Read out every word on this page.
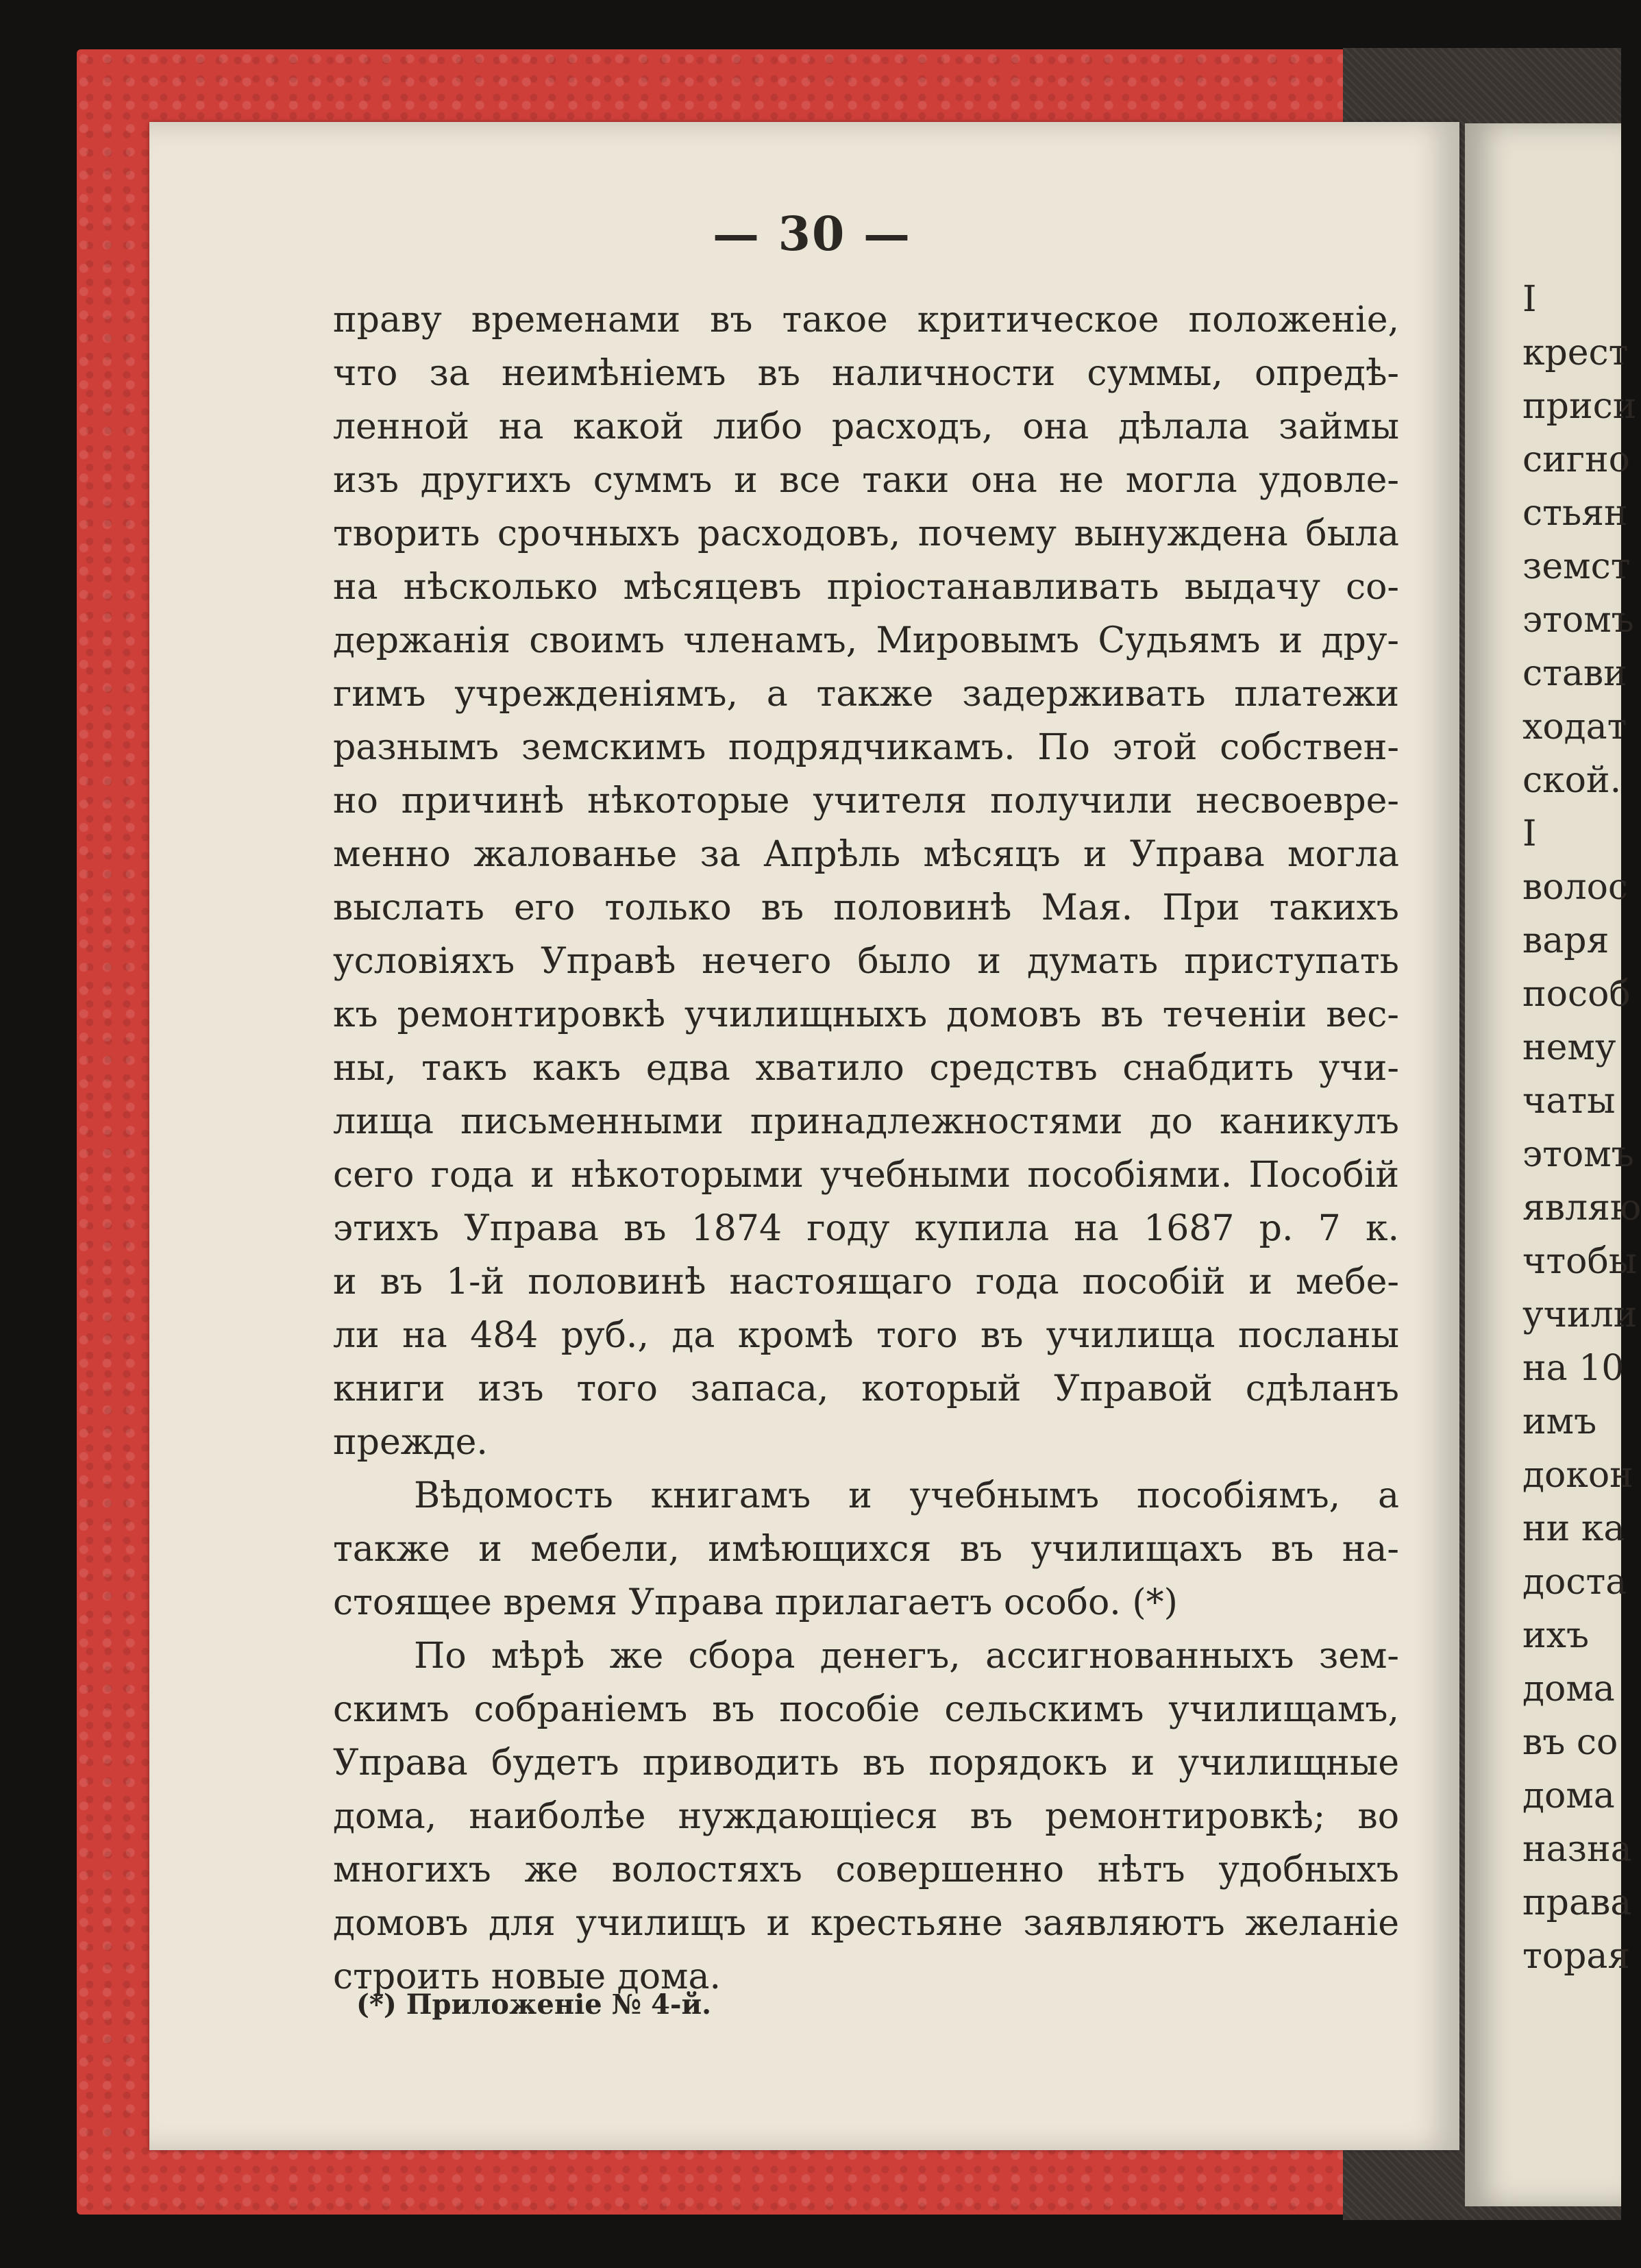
— 30 —
праву временами въ такое критическое положеніе,
что за неимѣніемъ въ наличности суммы, опредѣ-
ленной на какой либо расходъ, она дѣлала займы
изъ другихъ суммъ и все таки она не могла удовле-
творить срочныхъ расходовъ, почему вынуждена была
на нѣсколько мѣсяцевъ пріостанавливать выдачу со-
держанія своимъ членамъ, Мировымъ Судьямъ и дру-
гимъ учрежденіямъ, а также задерживать платежи
разнымъ земскимъ подрядчикамъ. По этой собствен-
но причинѣ нѣкоторые учителя получили несвоевре-
менно жалованье за Апрѣль мѣсяцъ и Управа могла
выслать его только въ половинѣ Мая. При такихъ
условіяхъ Управѣ нечего было и думать приступать
къ ремонтировкѣ училищныхъ домовъ въ теченіи вес-
ны, такъ какъ едва хватило средствъ снабдить учи-
лища письменными принадлежностями до каникулъ
сего года и нѣкоторыми учебными пособіями. Пособій
этихъ Управа въ 1874 году купила на 1687 р. 7 к.
и въ 1-й половинѣ настоящаго года пособій и мебе-
ли на 484 руб., да кромѣ того въ училища посланы
книги изъ того запаса, который Управой сдѣланъ
прежде.
Вѣдомость книгамъ и учебнымъ пособіямъ, а
также и мебели, имѣющихся въ училищахъ въ на-
стоящее время Управа прилагаетъ особо. (*)
По мѣрѣ же сбора денегъ, ассигнованныхъ зем-
скимъ собраніемъ въ пособіе сельскимъ училищамъ,
Управа будетъ приводить въ порядокъ и училищные
дома, наиболѣе нуждающіеся въ ремонтировкѣ; во
многихъ же волостяхъ совершенно нѣтъ удобныхъ
домовъ для училищъ и крестьяне заявляютъ желаніе
строить новые дома.
(*) Приложеніе № 4-й.
I
крест
приси
сигно
стьян
земст
этомъ
стави
ходат
ской.
I
волос
варя
пособ
нему
чаты
этомъ
являю
чтобы
учили
на 10
имъ
докон
ни ка
доста
ихъ
дома
въ со
дома
назна
права
торая
